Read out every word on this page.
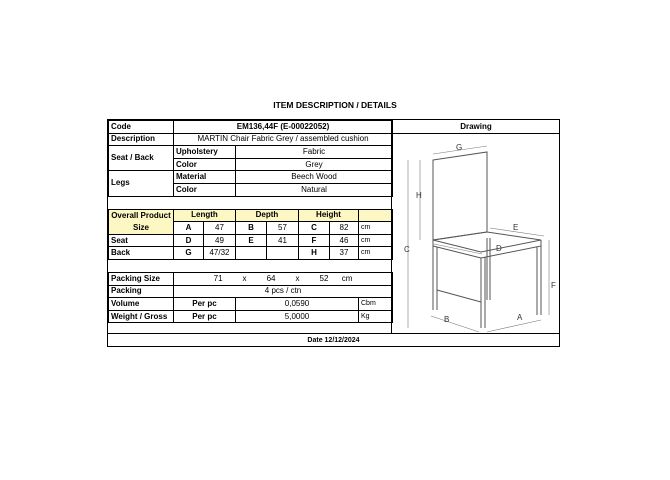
ITEM DESCRIPTION / DETAILS
Code	EM136,44F (E-00022052)						
Description	MARTIN Chair Fabric Grey / assembled cushion						
Seat / Back	Upholstery		Fabric				
	Color		Grey				
Legs	Material		Beech Wood				
	Color		Natural				

Overall Product	Length		Depth		Height		
Size	A	47	B	57	C	82	cm
Seat	D	49	E	41	F	46	cm
Back	G	47/32			H	37	cm

Packing Size	71 x 64 x 52 cm						
Packing	4 pcs / ctn						
Volume	Per pc		0,0590				Cbm
Weight / Gross	Per pc		5,0000				Kg
Drawing
G
H
C
E
D
F
B	A
Date 12/12/2024
